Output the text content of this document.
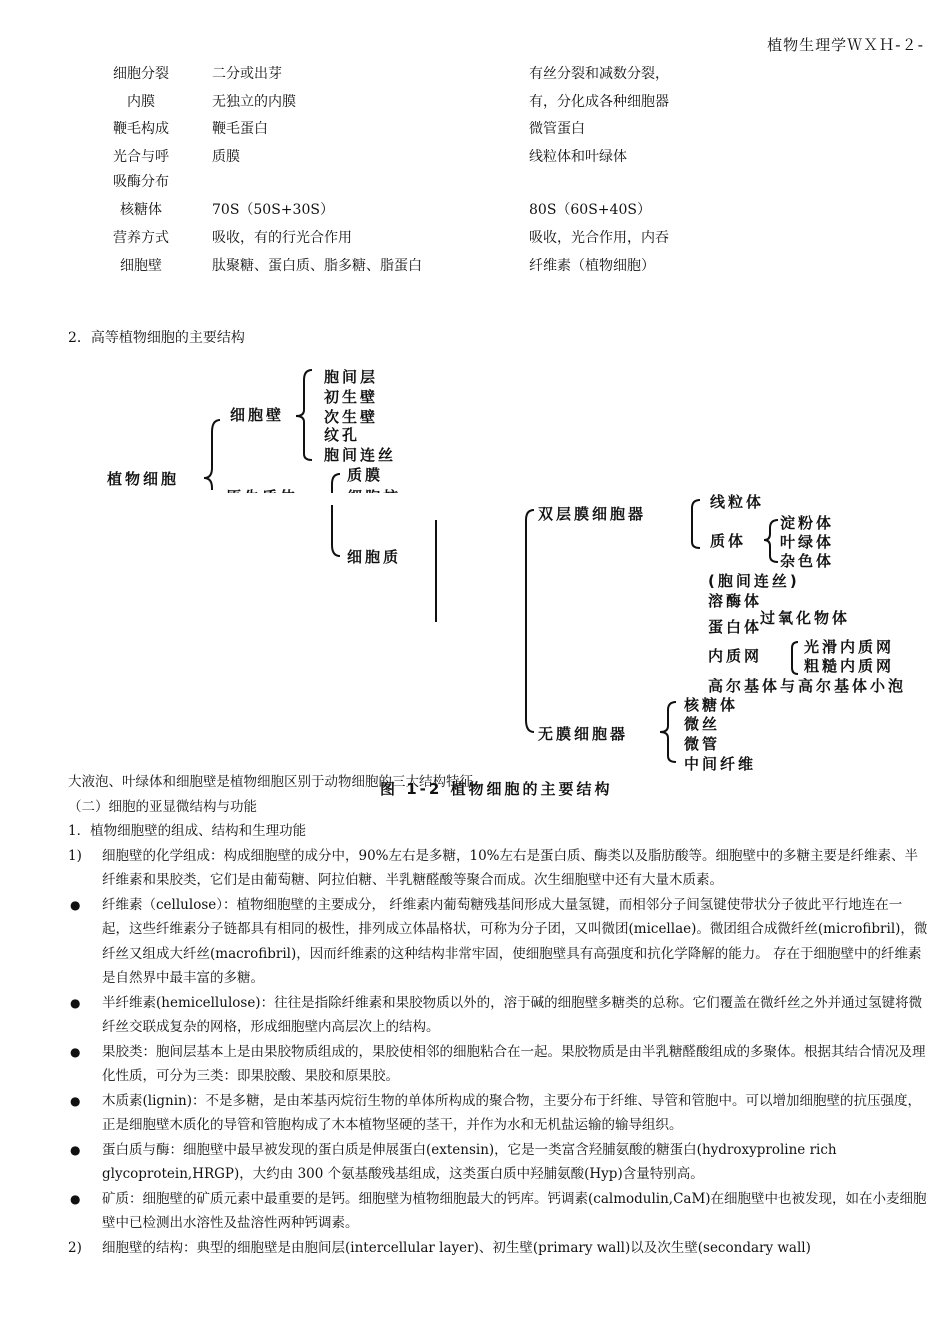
植物生理学ＷＸＨ-２-
细胞分裂	二分或出芽	有丝分裂和减数分裂，
内膜	无独立的内膜	有，分化成各种细胞器
鞭毛构成	鞭毛蛋白	微管蛋白
光合与呼	质膜	线粒体和叶绿体
吸酶分布
核糖体	70S（50S+30S）	80S（60S+40S）
营养方式	吸收，有的行光合作用	吸收，光合作用，内吞
细胞壁	肽聚糖、蛋白质、脂多糖、脂蛋白	纤维素（植物细胞）
2．高等植物细胞的主要结构
植物细胞
细胞壁
胞间层
初生壁
次生壁
纹孔
胞间连丝
质膜
细胞质
双层膜细胞器
线粒体
质体
淀粉体
叶绿体
杂色体
(胞间连丝)
溶酶体
过氧化物体
蛋白体
内质网	光滑内质网
粗糙内质网
高尔基体与高尔基体小泡
无膜细胞器
核糖体
微丝
微管
中间纤维
图 1-2 植物细胞的主要结构

大液泡、叶绿体和细胞壁是植物细胞区别于动物细胞的三大结构特征。

（二）细胞的亚显微结构与功能

1．植物细胞壁的组成、结构和生理功能

1) 细胞壁的化学组成：构成细胞壁的成分中，90%左右是多糖，10%左右是蛋白质、酶类以及脂肪酸等。细胞壁中的多糖主要是纤维素、半纤维素和果胶类，它们是由葡萄糖、阿拉伯糖、半乳糖醛酸等聚合而成。次生细胞壁中还有大量木质素。
● 纤维素（cellulose）：植物细胞壁的主要成分， 纤维素内葡萄糖残基间形成大量氢键，而相邻分子间氢键使带状分子彼此平行地连在一起，这些纤维素分子链都具有相同的极性，排列成立体晶格状，可称为分子团，又叫微团(micellae)。微团组合成微纤丝(microfibril)，微纤丝又组成大纤丝(macrofibril)，因而纤维素的这种结构非常牢固，使细胞壁具有高强度和抗化学降解的能力。 存在于细胞壁中的纤维素是自然界中最丰富的多糖。
● 半纤维素(hemicellulose)：往往是指除纤维素和果胶物质以外的，溶于碱的细胞壁多糖类的总称。它们覆盖在微纤丝之外并通过氢键将微纤丝交联成复杂的网格，形成细胞壁内高层次上的结构。
● 果胶类：胞间层基本上是由果胶物质组成的，果胶使相邻的细胞粘合在一起。果胶物质是由半乳糖醛酸组成的多聚体。根据其结合情况及理化性质，可分为三类：即果胶酸、果胶和原果胶。
● 木质素(lignin)：不是多糖，是由苯基丙烷衍生物的单体所构成的聚合物，主要分布于纤维、导管和管胞中。可以增加细胞壁的抗压强度，正是细胞壁木质化的导管和管胞构成了木本植物坚硬的茎干，并作为水和无机盐运输的输导组织。
● 蛋白质与酶：细胞壁中最早被发现的蛋白质是伸展蛋白(extensin)，它是一类富含羟脯氨酸的糖蛋白(hydroxyproline rich glycoprotein,HRGP)，大约由 300 个氨基酸残基组成，这类蛋白质中羟脯氨酸(Hyp)含量特别高。
● 矿质：细胞壁的矿质元素中最重要的是钙。细胞壁为植物细胞最大的钙库。钙调素(calmodulin,CaM)在细胞壁中也被发现，如在小麦细胞壁中已检测出水溶性及盐溶性两种钙调素。
2) 细胞壁的结构：典型的细胞壁是由胞间层(intercellular layer)、初生壁(primary wall)以及次生壁(secondary wall)
